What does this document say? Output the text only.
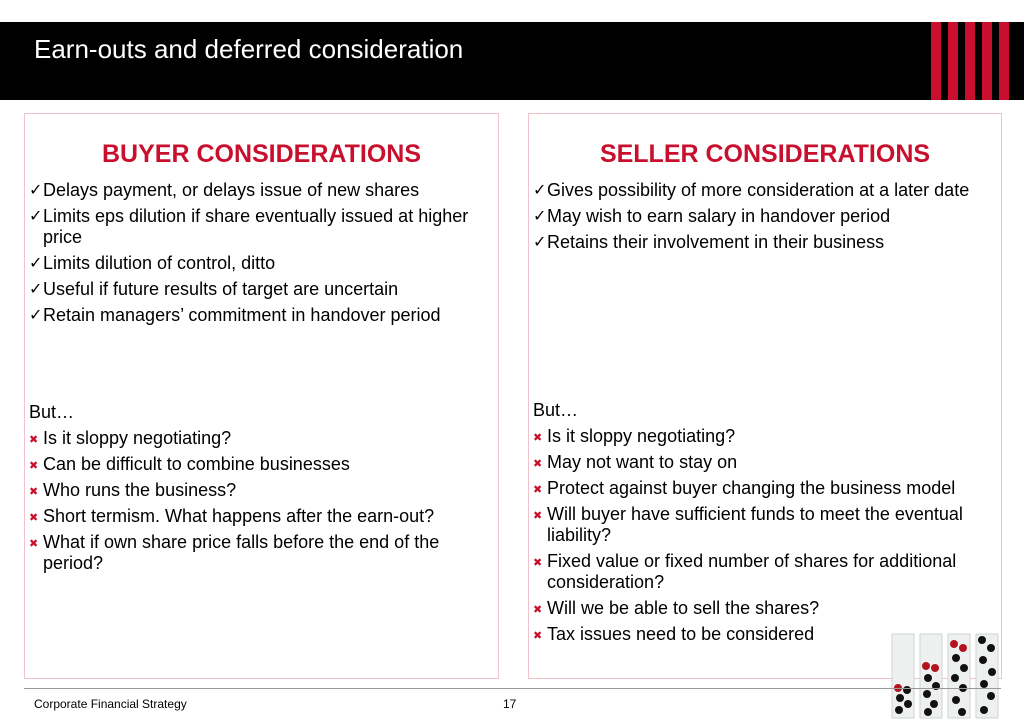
Earn-outs and deferred consideration
BUYER CONSIDERATIONS
✓ Delays payment, or delays issue of new shares
✓ Limits eps dilution if share eventually issued at higher price
✓ Limits dilution of control, ditto
✓ Useful if future results of target are uncertain
✓ Retain managers’ commitment in handover period
But…
✖ Is it sloppy negotiating?
✖ Can be difficult to combine businesses
✖ Who runs the business?
✖ Short termism. What happens after the earn-out?
✖ What if own share price falls before the end of the period?
SELLER CONSIDERATIONS
✓ Gives possibility of more consideration at a later date
✓ May wish to earn salary in handover period
✓ Retains their involvement in their business
But…
✖ Is it sloppy negotiating?
✖ May not want to stay on
✖ Protect against buyer changing the business model
✖ Will buyer have sufficient funds to meet the eventual liability?
✖ Fixed value or fixed number of shares for additional consideration?
✖ Will we be able to sell the shares?
✖ Tax issues need to be considered
Corporate Financial Strategy	17
